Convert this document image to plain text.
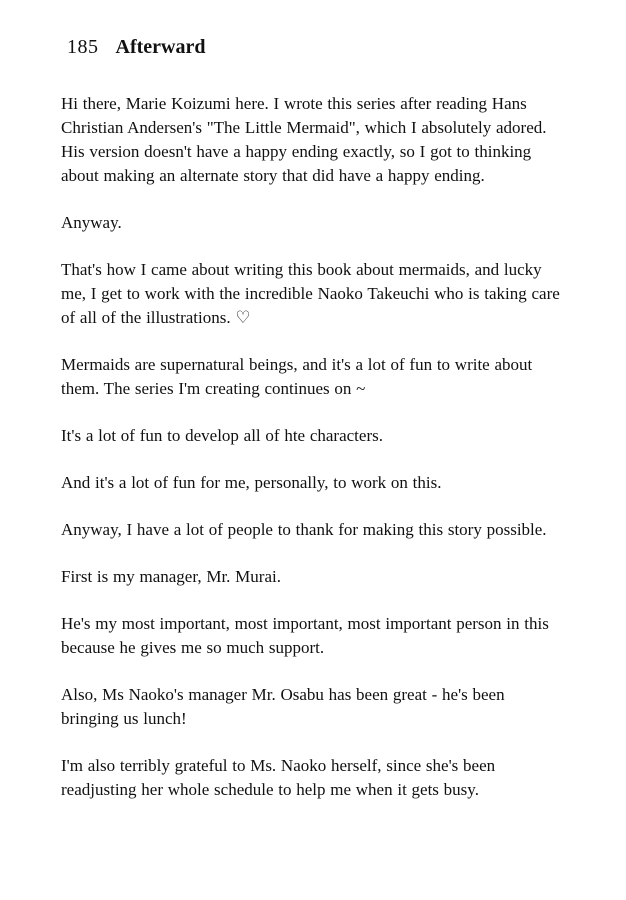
185 Afterward

Hi there, Marie Koizumi here. I wrote this series after reading Hans Christian Andersen's "The Little Mermaid", which I absolutely adored. His version doesn't have a happy ending exactly, so I got to thinking about making an alternate story that did have a happy ending.

Anyway.

That's how I came about writing this book about mermaids, and lucky me, I get to work with the incredible Naoko Takeuchi who is taking care of all of the illustrations. ♡

Mermaids are supernatural beings, and it's a lot of fun to write about them. The series I'm creating continues on ~

It's a lot of fun to develop all of hte characters.

And it's a lot of fun for me, personally, to work on this.

Anyway, I have a lot of people to thank for making this story possible.

First is my manager, Mr. Murai.

He's my most important, most important, most important person in this because he gives me so much support.

Also, Ms Naoko's manager Mr. Osabu has been great - he's been bringing us lunch!

I'm also terribly grateful to Ms. Naoko herself, since she's been readjusting her whole schedule to help me when it gets busy.
